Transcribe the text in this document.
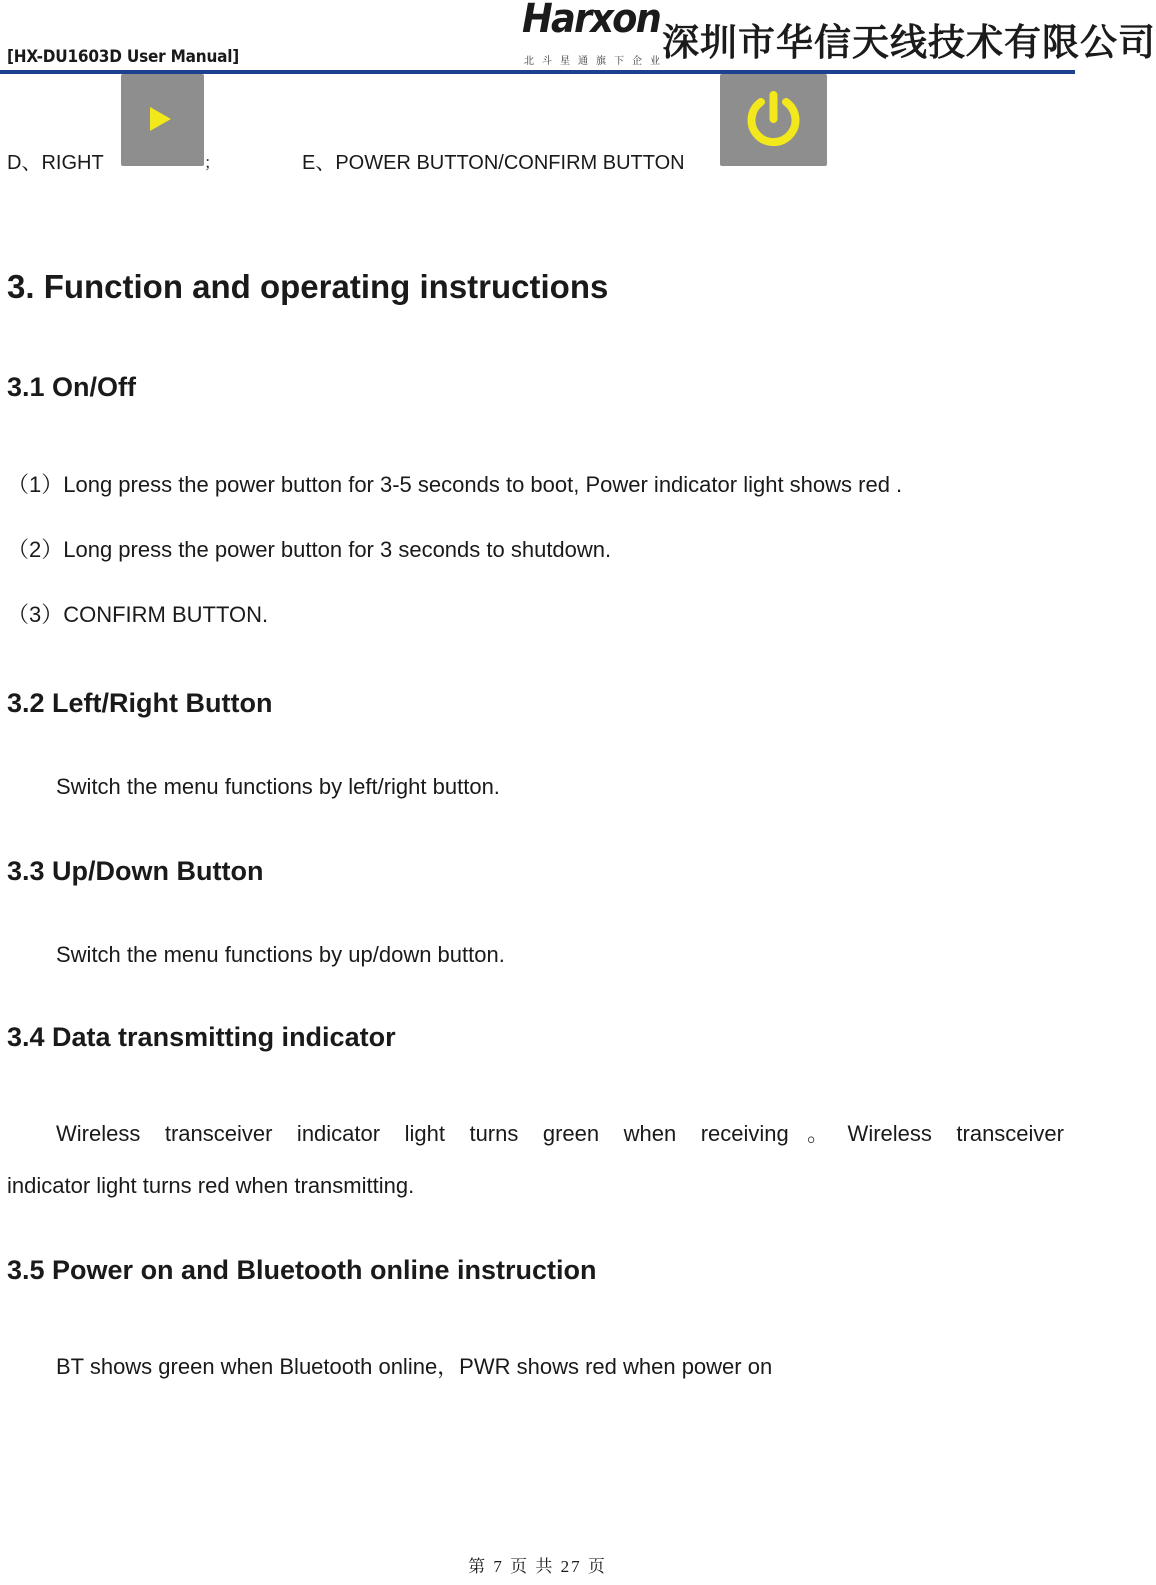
[HX-DU1603D User Manual]
Harxon
北斗星通旗下企业
深圳市华信天线技术有限公司
D、RIGHT	；	E、POWER BUTTON/CONFIRM BUTTON
3. Function and operating instructions
3.1 On/Off
（1）Long press the power button for 3-5 seconds to boot, Power indicator light shows red .
（2）Long press the power button for 3 seconds to shutdown.
（3）CONFIRM BUTTON.
3.2 Left/Right Button
Switch the menu functions by left/right button.
3.3 Up/Down Button
Switch the menu functions by up/down button.
3.4 Data transmitting indicator
Wireless transceiver indicator light turns green when receiving。Wireless transceiver
indicator light turns red when transmitting.
3.5 Power on and Bluetooth online instruction
BT shows green when Bluetooth online，PWR shows red when power on
第 7 页 共 27 页
